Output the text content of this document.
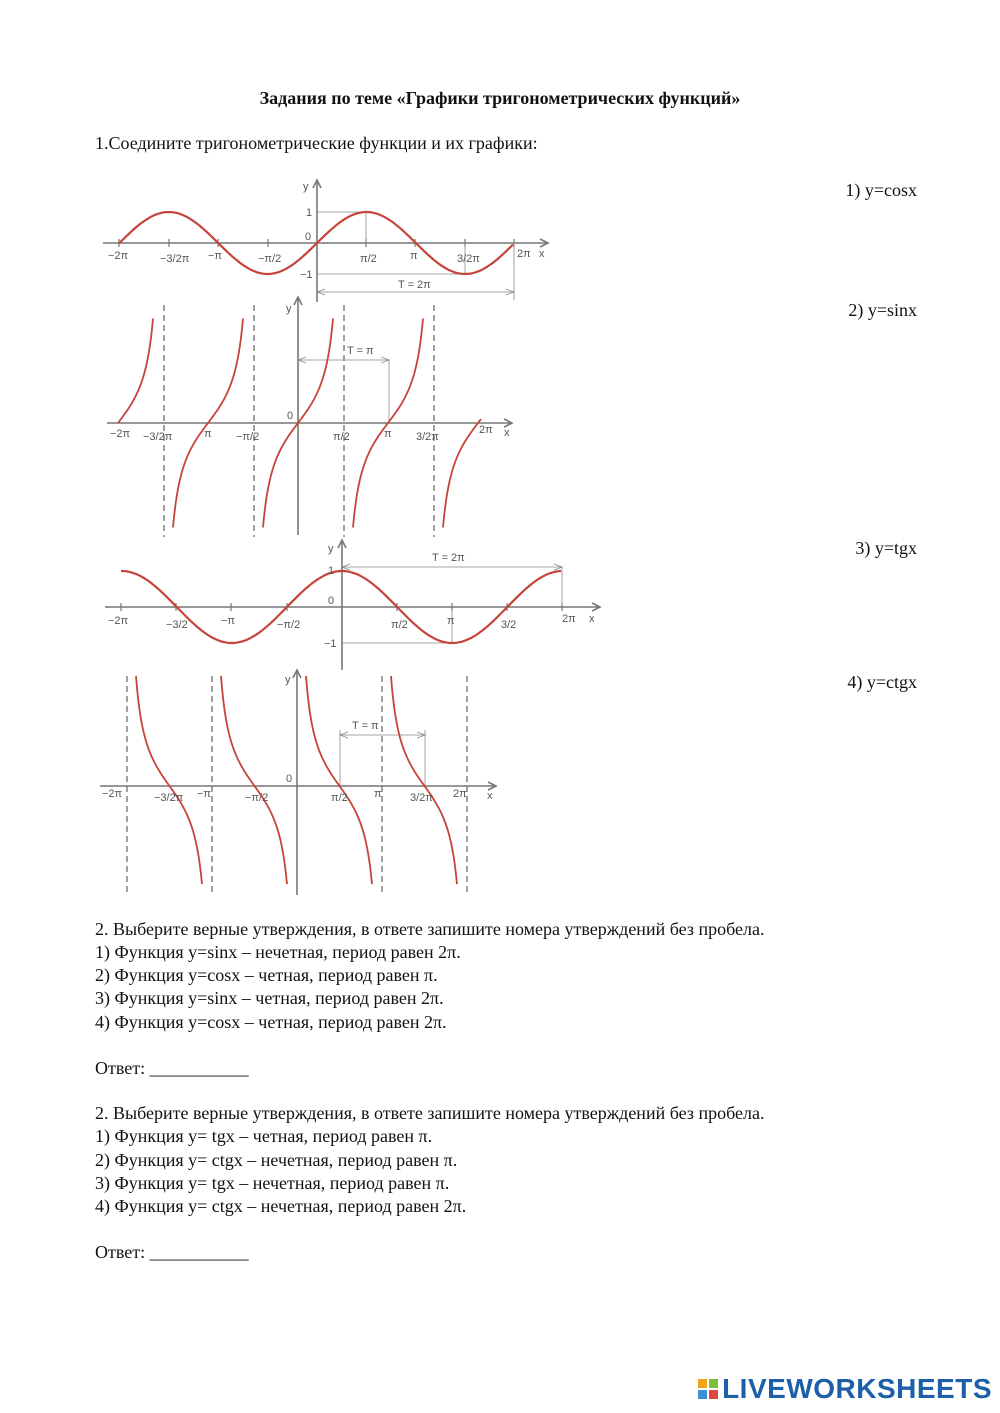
Задания по теме «Графики тригонометрических функций»
1.Соедините тригонометрические функции и их графики:
1) y=cosx
2) y=sinx
3) y=tgx
4) y=ctgx
y
x
1
0
−1
T = 2π
−2π	−3/2π −π	−π/2	π/2	π	3/2π	2π
y
x
0
T = π
−2π −3/2π	π −π/2	π/2	π 3/2π
2π
y
x
1
0
−1
T = 2π
−2π	−3/2	−π	−π/2	π/2	π	3/2	2π
y
x
0
T = π
−2π	−3/2π −π	−π/2	π/2 π	3/2π 2π
2. Выберите верные утверждения, в ответе запишите номера утверждений без пробела.
1) Функция y=sinx – нечетная, период равен 2π.
2) Функция y=cosx – четная, период равен π.
3) Функция y=sinx – четная, период равен 2π.
4) Функция y=cosx – четная, период равен 2π.
Ответ: ___________
2. Выберите верные утверждения, в ответе запишите номера утверждений без пробела.
1) Функция y= tgx – четная, период равен π.
2) Функция y= ctgx – нечетная, период равен π.
3) Функция y= tgx – нечетная, период равен π.
4) Функция y= ctgx – нечетная, период равен 2π.
Ответ: ___________
LIVEWORKSHEETS
